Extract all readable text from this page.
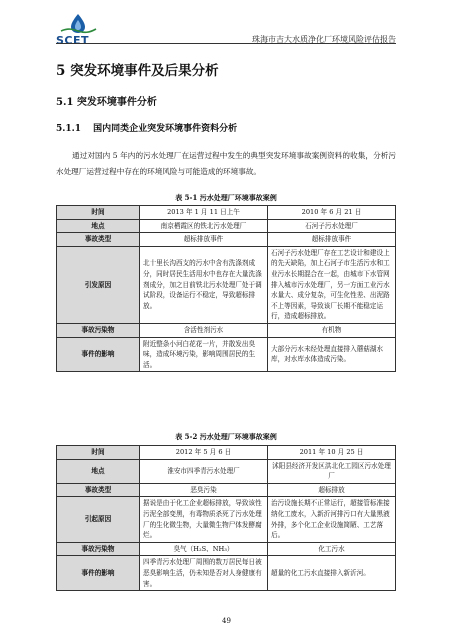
SCET	珠海市吉大水质净化厂环境风险评估报告
5 突发环境事件及后果分析
5.1 突发环境事件分析
5.1.1 国内同类企业突发环境事件资料分析
通过对国内 5 年内的污水处理厂在运营过程中发生的典型突发环境事故案例资料的收集，分析污水处理厂运营过程中存在的环境风险与可能造成的环境事故。
表 5-1 污水处理厂环境事故案例
时间	2013 年 1 月 11 日上午	2010 年 6 月 21 日
地点	南京栖霞区的铁北污水处理厂	石河子污水处理厂
事故类型	超标排放事件	超标排放事件
引发原因	北十里长沟西支的污水中含有洗涤剂成分，同时居民生活用水中也存在大量洗涤剂成分，加之目前铁北污水处理厂处于调试阶段，设备运行不稳定，导致超标排放。	石河子污水处理厂存在工艺设计和建设上的先天缺陷，加上石河子市生活污水和工业污水长期混合在一起，由城市下水管网排入城市污水处理厂，另一方面工业污水水量大、成分复杂，可生化性差、出泥路不上等因素，导致该厂长期不能稳定运行，造成超标排放。
事故污染物	含活性剂污水	有机物
事件的影响	附近整条小河白花花一片，并散发出臭味，造成环境污染，影响周围居民的生活。	大部分污水未经处理直接排入蘑菇湖水库，对水库水体造成污染。
表 5-2 污水处理厂环境事故案例
时间	2012 年 5 月 6 日	2011 年 10 月 25 日
地点	淮安市四季青污水处理厂	沭阳县经济开发区洪北化工园区污水处理厂
事故类型	恶臭污染	超标排放
引起原因	据说是由于化工企业超标排放，导致该性污泥全部变黑，有毒物质杀死了污水处理厂的生化微生物，大量微生物尸体发酵腐烂。	治污设施长期不正常运行，超接管标准接纳化工废水，入新沂河排污口有大量黑液外排，多个化工企业设施简陋、工艺落后。
事故污染物	臭气（H₂S、NH₃）	化工污水
事件的影响	四季青污水处理厂周围的数万居民每日被恶臭影响生活，仍未知是否对人身健康有害。	超量的化工污水直接排入新沂河。
49
